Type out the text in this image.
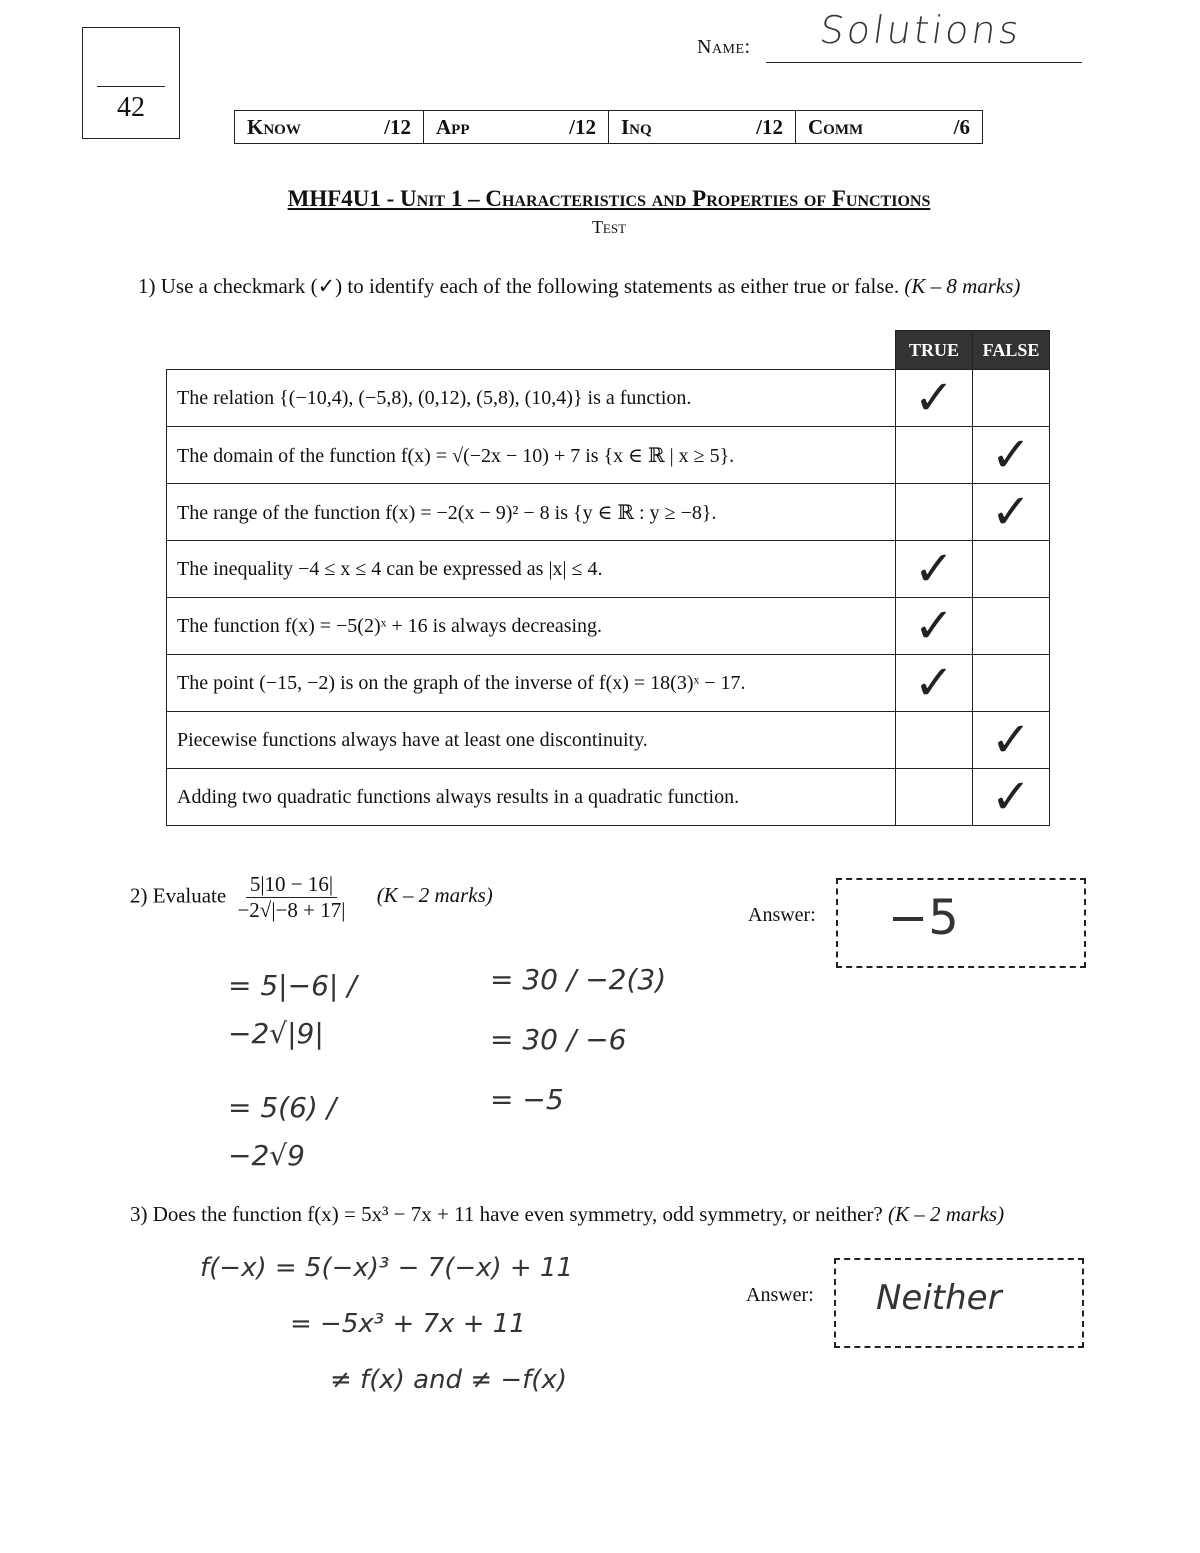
42
Name: Solutions
Know	/12 App	/12 Inq	/12 Comm	/6
MHF4U1 - Unit 1 – Characteristics and Properties of Functions
Test
1) Use a checkmark (✓) to identify each of the following statements as either true or false. (K – 8 marks)
	TRUE	FALSE
The relation {(−10,4), (−5,8), (0,12), (5,8), (10,4)} is a function.	✓	
The domain of the function f(x) = √(−2x − 10) + 7 is {x ∈ ℝ | x ≥ 5}.		✓
The range of the function f(x) = −2(x − 9)² − 8 is {y ∈ ℝ : y ≥ −8}.		✓
The inequality −4 ≤ x ≤ 4 can be expressed as |x| ≤ 4.	✓	
The function f(x) = −5(2)ˣ + 16 is always decreasing.	✓	
The point (−15, −2) is on the graph of the inverse of f(x) = 18(3)ˣ − 17.	✓	
Piecewise functions always have at least one discontinuity.		✓
Adding two quadratic functions always results in a quadratic function.		✓
2) Evaluate $\frac{5|10 - 16|}{-2√|-8 + 17|} (K - 2$ marks)
Answer: −5
= 5|−6| / −2√|9|
= 5(6) / −2√9
= 30 / −2(3)
= 30 / −6
= −5
3) Does the function f(x) = 5x³ − 7x + 11 have even symmetry, odd symmetry, or neither? (K – 2 marks)
Answer: Neither
f(−x) = 5(−x)³ − 7(−x) + 11
= −5x³ + 7x + 11
≠ f(x) and ≠ −f(x)
